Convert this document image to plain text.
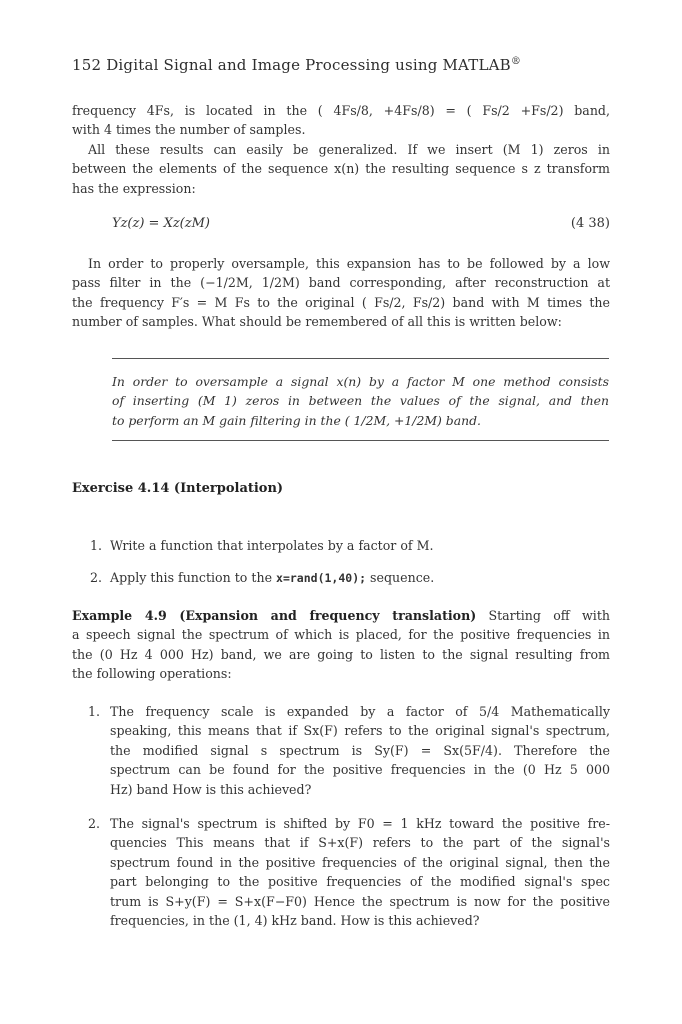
152 Digital Signal and Image Processing using MATLAB®
frequency 4Fs, is located in the ( 4Fs/8, +4Fs/8) = ( Fs/2 +Fs/2) band,
with 4 times the number of samples.
All these results can easily be generalized. If we insert (M 1) zeros in
between the elements of the sequence x(n) the resulting sequence s z transform
has the expression:
Yz(z) = Xz(zM)	(4 38)
In order to properly oversample, this expansion has to be followed by a low
pass filter in the (−1/2M, 1/2M) band corresponding, after reconstruction at
the frequency F′s = M Fs to the original ( Fs/2, Fs/2) band with M times the
number of samples. What should be remembered of all this is written below:
In order to oversample a signal x(n) by a factor M one method consists
of inserting (M 1) zeros in between the values of the signal, and then
to perform an M gain filtering in the ( 1/2M, +1/2M) band.
Exercise 4.14 (Interpolation)
1. Write a function that interpolates by a factor of M.
2. Apply this function to the x=rand(1,40); sequence.
Example 4.9 (Expansion and frequency translation) Starting off with
a speech signal the spectrum of which is placed, for the positive frequencies in
the (0 Hz 4 000 Hz) band, we are going to listen to the signal resulting from
the following operations:
1. The frequency scale is expanded by a factor of 5/4 Mathematically
speaking, this means that if Sx(F) refers to the original signal's spectrum,
the modified signal s spectrum is Sy(F) = Sx(5F/4). Therefore the
spectrum can be found for the positive frequencies in the (0 Hz 5 000
Hz) band How is this achieved?
2. The signal's spectrum is shifted by F0 = 1 kHz toward the positive fre-
quencies This means that if S+x(F) refers to the part of the signal's
spectrum found in the positive frequencies of the original signal, then the
part belonging to the positive frequencies of the modified signal's spec
trum is S+y(F) = S+x(F−F0) Hence the spectrum is now for the positive
frequencies, in the (1, 4) kHz band. How is this achieved?
